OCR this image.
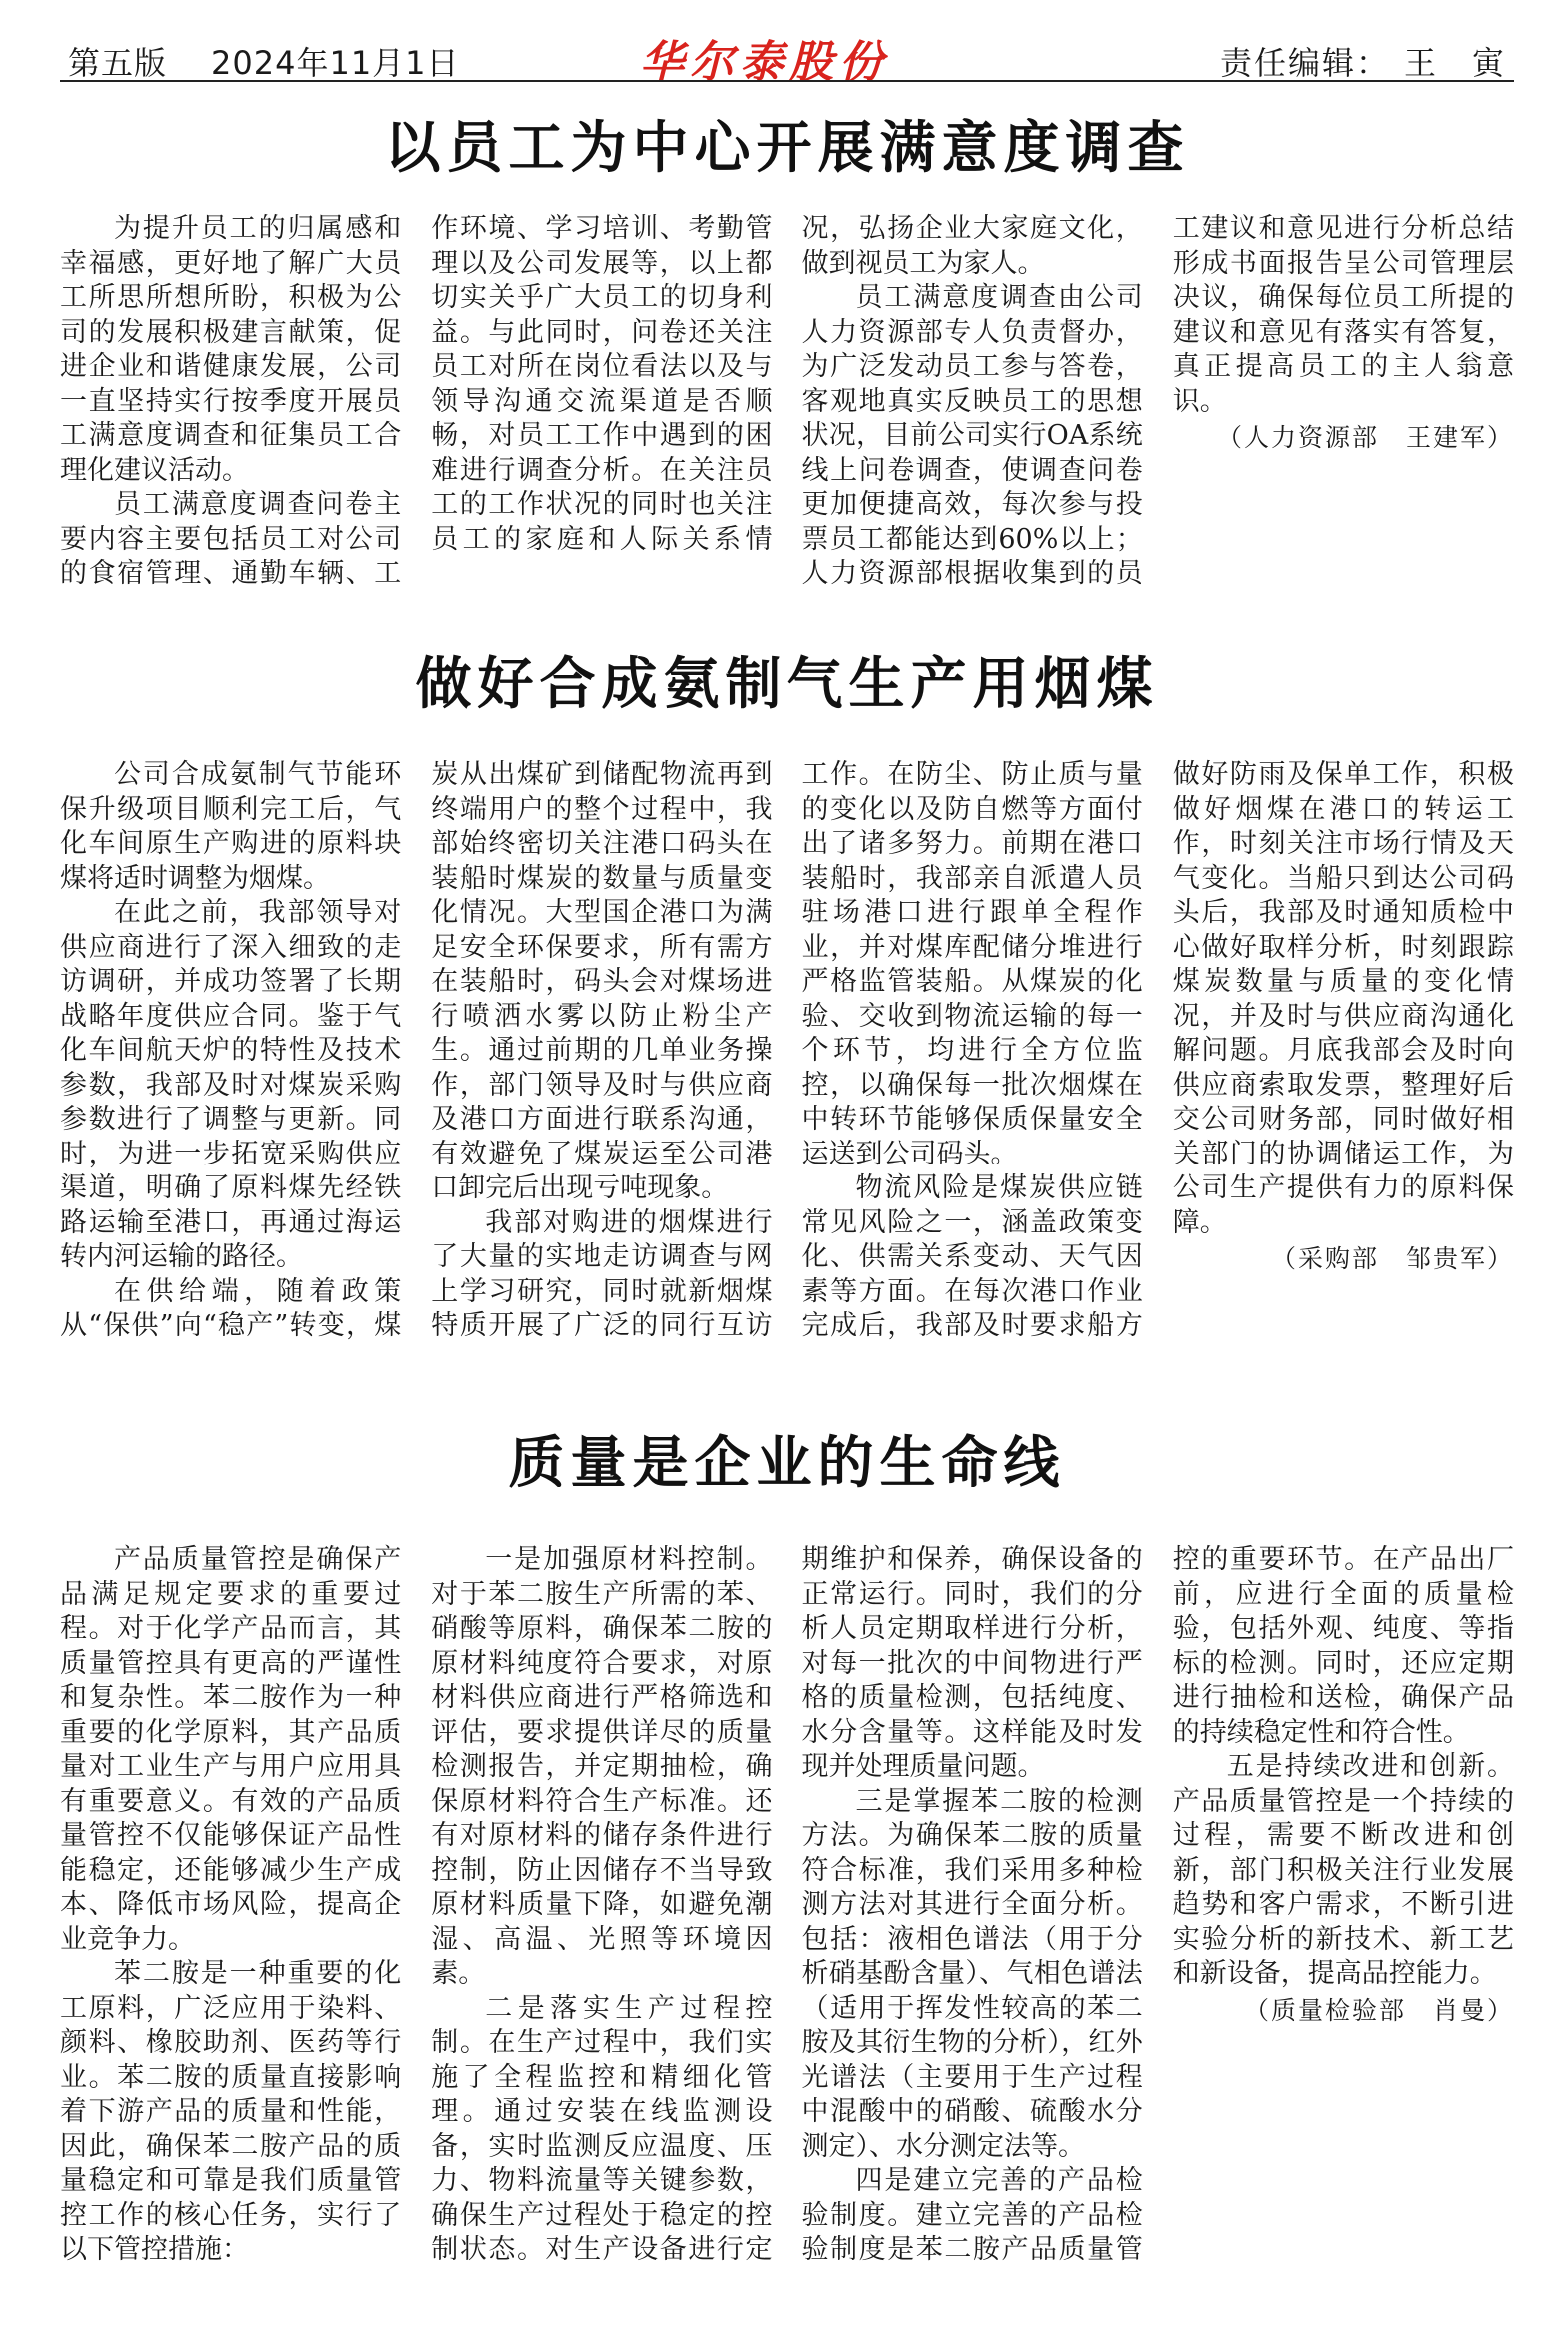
第五版 2024年11月1日	华尔泰股份	责任编辑： 王　寅
以员工为中心开展满意度调查

为提升员工的归属感和幸福感，更好地了解广大员工所思所想所盼，积极为公司的发展积极建言献策，促进企业和谐健康发展，公司一直坚持实行按季度开展员工满意度调查和征集员工合理化建议活动。

员工满意度调查问卷主要内容主要包括员工对公司的食宿管理、通勤车辆、工作环境、学习培训、考勤管理以及公司发展等，以上都切实关乎广大员工的切身利益。与此同时，问卷还关注员工对所在岗位看法以及与领导沟通交流渠道是否顺畅，对员工工作中遇到的困难进行调查分析。在关注员工的工作状况的同时也关注员工的家庭和人际关系情况，弘扬企业大家庭文化，做到视员工为家人。

员工满意度调查由公司人力资源部专人负责督办，为广泛发动员工参与答卷，客观地真实反映员工的思想状况，目前公司实行OA系统线上问卷调查，使调查问卷更加便捷高效，每次参与投票员工都能达到60%以上；人力资源部根据收集到的员工建议和意见进行分析总结形成书面报告呈公司管理层决议，确保每位员工所提的建议和意见有落实有答复，真正提高员工的主人翁意识。

（人力资源部　王建军）

做好合成氨制气生产用烟煤

公司合成氨制气节能环保升级项目顺利完工后，气化车间原生产购进的原料块煤将适时调整为烟煤。

在此之前，我部领导对供应商进行了深入细致的走访调研，并成功签署了长期战略年度供应合同。鉴于气化车间航天炉的特性及技术参数，我部及时对煤炭采购参数进行了调整与更新。同时，为进一步拓宽采购供应渠道，明确了原料煤先经铁路运输至港口，再通过海运转内河运输的路径。

在供给端，随着政策从“保供”向“稳产”转变，煤炭从出煤矿到储配物流再到终端用户的整个过程中，我部始终密切关注港口码头在装船时煤炭的数量与质量变化情况。大型国企港口为满足安全环保要求，所有需方在装船时，码头会对煤场进行喷洒水雾以防止粉尘产生。通过前期的几单业务操作，部门领导及时与供应商及港口方面进行联系沟通，有效避免了煤炭运至公司港口卸完后出现亏吨现象。

我部对购进的烟煤进行了大量的实地走访调查与网上学习研究，同时就新烟煤特质开展了广泛的同行互访工作。在防尘、防止质与量的变化以及防自燃等方面付出了诸多努力。前期在港口装船时，我部亲自派遣人员驻场港口进行跟单全程作业，并对煤库配储分堆进行严格监管装船。从煤炭的化验、交收到物流运输的每一个环节，均进行全方位监控，以确保每一批次烟煤在中转环节能够保质保量安全运送到公司码头。

物流风险是煤炭供应链常见风险之一，涵盖政策变化、供需关系变动、天气因素等方面。在每次港口作业完成后，我部及时要求船方做好防雨及保单工作，积极做好烟煤在港口的转运工作，时刻关注市场行情及天气变化。当船只到达公司码头后，我部及时通知质检中心做好取样分析，时刻跟踪煤炭数量与质量的变化情况，并及时与供应商沟通化解问题。月底我部会及时向供应商索取发票，整理好后交公司财务部，同时做好相关部门的协调储运工作，为公司生产提供有力的原料保障。

（采购部　邹贵军）

质量是企业的生命线

产品质量管控是确保产品满足规定要求的重要过程。对于化学产品而言，其质量管控具有更高的严谨性和复杂性。苯二胺作为一种重要的化学原料，其产品质量对工业生产与用户应用具有重要意义。有效的产品质量管控不仅能够保证产品性能稳定，还能够减少生产成本、降低市场风险，提高企业竞争力。

苯二胺是一种重要的化工原料，广泛应用于染料、颜料、橡胶助剂、医药等行业。苯二胺的质量直接影响着下游产品的质量和性能，因此，确保苯二胺产品的质量稳定和可靠是我们质量管控工作的核心任务，实行了以下管控措施：

一是加强原材料控制。对于苯二胺生产所需的苯、硝酸等原料，确保苯二胺的原材料纯度符合要求，对原材料供应商进行严格筛选和评估，要求提供详尽的质量检测报告，并定期抽检，确保原材料符合生产标准。还有对原材料的储存条件进行控制，防止因储存不当导致原材料质量下降，如避免潮湿、高温、光照等环境因素。

二是落实生产过程控制。在生产过程中，我们实施了全程监控和精细化管理。通过安装在线监测设备，实时监测反应温度、压力、物料流量等关键参数，确保生产过程处于稳定的控制状态。对生产设备进行定期维护和保养，确保设备的正常运行。同时，我们的分析人员定期取样进行分析，对每一批次的中间物进行严格的质量检测，包括纯度、水分含量等。这样能及时发现并处理质量问题。

三是掌握苯二胺的检测方法。为确保苯二胺的质量符合标准，我们采用多种检测方法对其进行全面分析。包括：液相色谱法（用于分析硝基酚含量）、气相色谱法（适用于挥发性较高的苯二胺及其衍生物的分析），红外光谱法（主要用于生产过程中混酸中的硝酸、硫酸水分测定）、水分测定法等。

四是建立完善的产品检验制度。建立完善的产品检验制度是苯二胺产品质量管控的重要环节。在产品出厂前，应进行全面的质量检验，包括外观、纯度、等指标的检测。同时，还应定期进行抽检和送检，确保产品的持续稳定性和符合性。

五是持续改进和创新。产品质量管控是一个持续的过程，需要不断改进和创新，部门积极关注行业发展趋势和客户需求，不断引进实验分析的新技术、新工艺和新设备，提高品控能力。

（质量检验部　肖曼）
